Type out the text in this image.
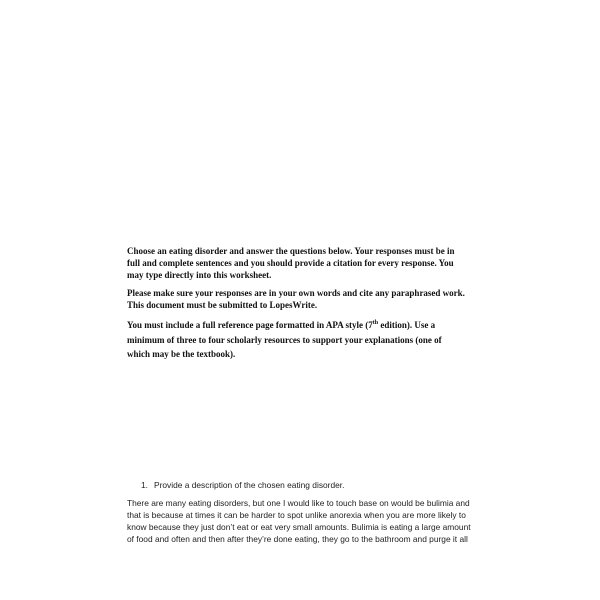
Choose an eating disorder and answer the questions below. Your responses must be in
full and complete sentences and you should provide a citation for every response. You
may type directly into this worksheet.
Please make sure your responses are in your own words and cite any paraphrased work.
This document must be submitted to LopesWrite.
You must include a full reference page formatted in APA style (7th edition). Use a
minimum of three to four scholarly resources to support your explanations (one of
which may be the textbook).
1. Provide a description of the chosen eating disorder.
There are many eating disorders, but one I would like to touch base on would be bulimia and
that is because at times it can be harder to spot unlike anorexia when you are more likely to
know because they just don’t eat or eat very small amounts. Bulimia is eating a large amount
of food and often and then after they’re done eating, they go to the bathroom and purge it all
